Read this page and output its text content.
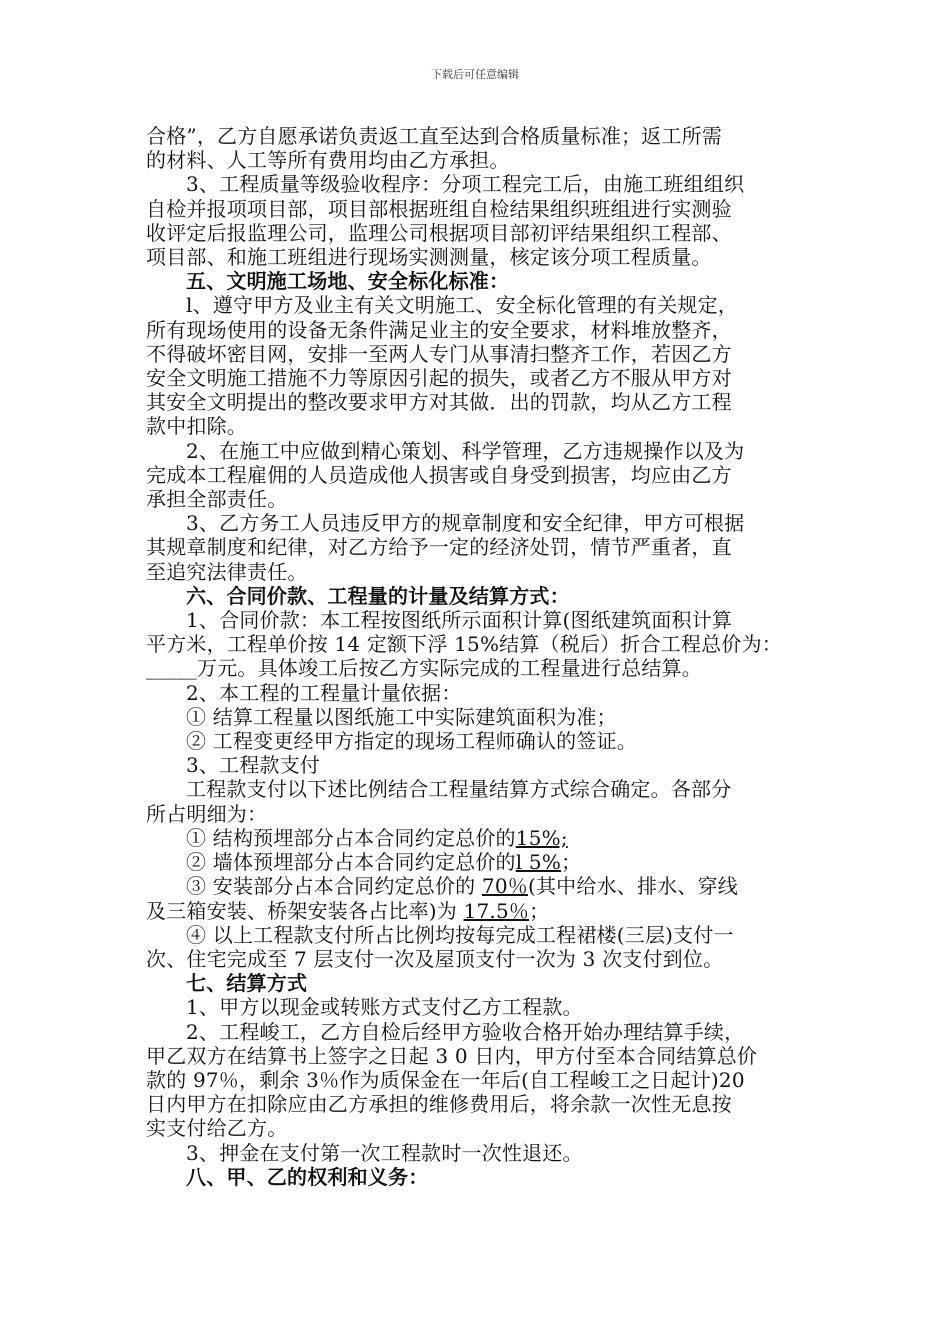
下载后可任意编辑
合格”，乙方自愿承诺负责返工直至达到合格质量标准；返工所需
的材料、人工等所有费用均由乙方承担。
3、工程质量等级验收程序：分项工程完工后，由施工班组组织
自检并报项项目部，项目部根据班组自检结果组织班组进行实测验
收评定后报监理公司，监理公司根据项目部初评结果组织工程部、
项目部、和施工班组进行现场实测测量，核定该分项工程质量。
五、文明施工场地、安全标化标准：
l、遵守甲方及业主有关文明施工、安全标化管理的有关规定，
所有现场使用的设备无条件满足业主的安全要求，材料堆放整齐，
不得破坏密目网，安排一至两人专门从事清扫整齐工作，若因乙方
安全文明施工措施不力等原因引起的损失，或者乙方不服从甲方对
其安全文明提出的整改要求甲方对其做．出的罚款，均从乙方工程
款中扣除。
2、在施工中应做到精心策划、科学管理，乙方违规操作以及为
完成本工程雇佣的人员造成他人损害或自身受到损害，均应由乙方
承担全部责任。
3、乙方务工人员违反甲方的规章制度和安全纪律，甲方可根据
其规章制度和纪律，对乙方给予一定的经济处罚，情节严重者，直
至追究法律责任。
六、合同价款、工程量的计量及结算方式：
1、合同价款：本工程按图纸所示面积计算(图纸建筑面积计算
平方米，工程单价按 14 定额下浮 15%结算（税后）折合工程总价为：
_____万元。具体竣工后按乙方实际完成的工程量进行总结算。
2、本工程的工程量计量依据：
① 结算工程量以图纸施工中实际建筑面积为准；
② 工程变更经甲方指定的现场工程师确认的签证。
3、工程款支付
工程款支付以下述比例结合工程量结算方式综合确定。各部分
所占明细为：
① 结构预埋部分占本合同约定总价的15%;
② 墙体预埋部分占本合同约定总价的l 5%；
③ 安装部分占本合同约定总价的 70％(其中给水、排水、穿线
及三箱安装、桥架安装各占比率)为 17.5％；
④ 以上工程款支付所占比例均按每完成工程裙楼(三层)支付一
次、住宅完成至 7 层支付一次及屋顶支付一次为 3 次支付到位。
七、结算方式
1、甲方以现金或转账方式支付乙方工程款。
2、工程峻工，乙方自检后经甲方验收合格开始办理结算手续，
甲乙双方在结算书上签字之日起 3 0 日内，甲方付至本合同结算总价
款的 97％，剩余 3％作为质保金在一年后(自工程峻工之日起计)20
日内甲方在扣除应由乙方承担的维修费用后，将余款一次性无息按
实支付给乙方。
3、押金在支付第一次工程款时一次性退还。
八、甲、乙的权利和义务：
